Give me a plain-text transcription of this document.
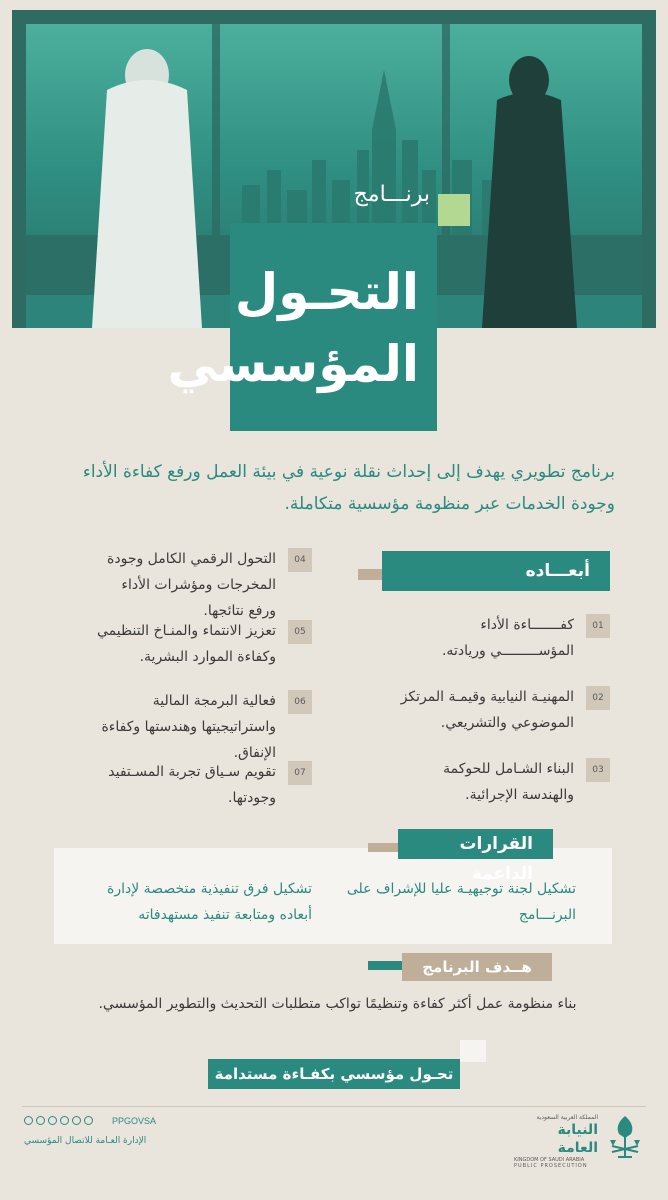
برنـــامج
التحـول
المؤسسي
برنامج تطويري يهدف إلى إحداث نقلة نوعية في بيئة العمل ورفع كفاءة الأداء وجودة الخدمات عبر منظومة مؤسسية متكاملة.
أبعـــاده
01
كفـــــــاءة الأداء المؤســـــــــي وريادته.
02
المهنيـة النيابية وقيمـة المرتكز الموضوعي والتشريعي.
03
البناء الشـامل للحوكمة والهندسة الإجرائية.
04
التحول الرقمي الكامل وجودة المخرجات ومؤشرات الأداء ورفع نتائجها.
05
تعزيز الانتماء والمنـاخ التنظيمي وكفاءة الموارد البشرية.
06
فعالية البرمجة المالية واستراتيجيتها وهندستها وكفاءة الإنفاق.
07
تقويم سـياق تجربة المسـتفيد وجودتها.
تشكيل لجنة توجيهيـة عليا للإشراف على البرنـــامج
تشكيل فرق تنفيذية متخصصة لإدارة أبعاده ومتابعة تنفيذ مستهدفاته
القرارات الداعمة
هــدف البرنامج
بناء منظومة عمل أكثر كفاءة وتنظيمًا تواكب متطلبات التحديث والتطوير المؤسسي.
تحـول مؤسسي بكفـاءة مستدامة
PPGOVSA
الإدارة العـامة للاتصال المؤسسي
المملكة العربية السعودية
النيابة العامة
KINGDOM OF SAUDI ARABIA
PUBLIC PROSECUTION
